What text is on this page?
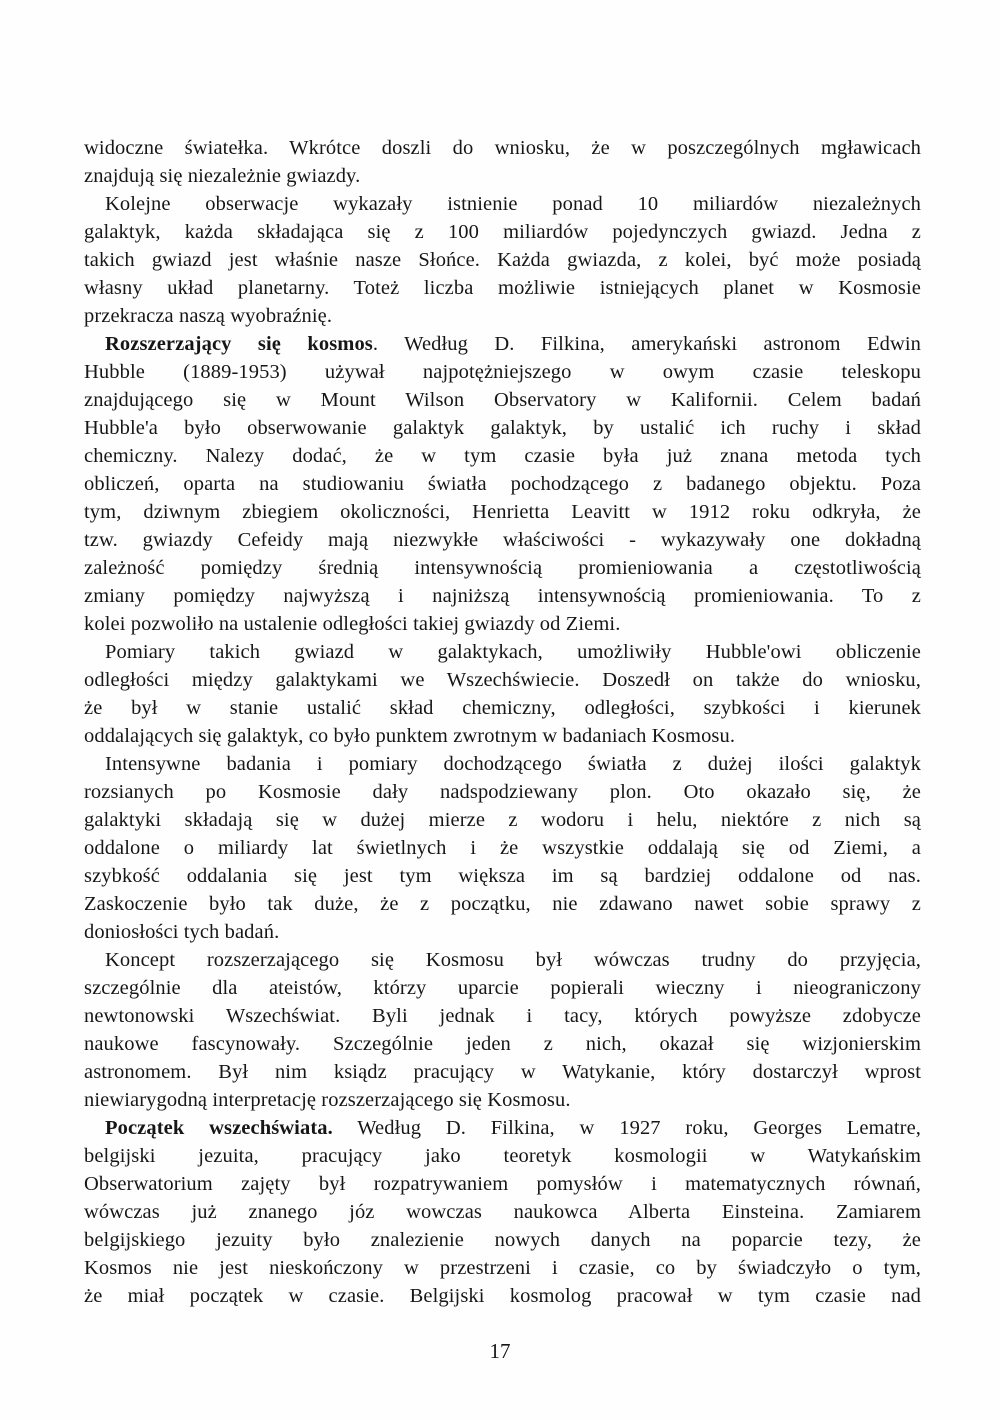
widoczne światełka. Wkrótce doszli do wniosku, że w poszczególnych mgławicach
znajdują się niezależnie gwiazdy.
Kolejne obserwacje wykazały istnienie ponad 10 miliardów niezależnych
galaktyk, każda składająca się z 100 miliardów pojedynczych gwiazd. Jedna z
takich gwiazd jest właśnie nasze Słońce. Każda gwiazda, z kolei, być może posiadą
własny układ planetarny. Toteż liczba możliwie istniejących planet w Kosmosie
przekracza naszą wyobraźnię.
Rozszerzający się kosmos. Według D. Filkina, amerykański astronom Edwin
Hubble (1889-1953) używał najpotężniejszego w owym czasie teleskopu
znajdującego się w Mount Wilson Observatory w Kalifornii. Celem badań
Hubble'a było obserwowanie galaktyk galaktyk, by ustalić ich ruchy i skład
chemiczny. Nalezy dodać, że w tym czasie była już znana metoda tych
obliczeń, oparta na studiowaniu światła pochodzącego z badanego objektu. Poza
tym, dziwnym zbiegiem okoliczności, Henrietta Leavitt w 1912 roku odkryła, że
tzw. gwiazdy Cefeidy mają niezwykłe właściwości - wykazywały one dokładną
zależność pomiędzy średnią intensywnością promieniowania a częstotliwością
zmiany pomiędzy najwyższą i najniższą intensywnością promieniowania. To z
kolei pozwoliło na ustalenie odległości takiej gwiazdy od Ziemi.
Pomiary takich gwiazd w galaktykach, umożliwiły Hubble'owi obliczenie
odległości między galaktykami we Wszechświecie. Doszedł on także do wniosku,
że był w stanie ustalić skład chemiczny, odległości, szybkości i kierunek
oddalających się galaktyk, co było punktem zwrotnym w badaniach Kosmosu.
Intensywne badania i pomiary dochodzącego światła z dużej ilości galaktyk
rozsianych po Kosmosie dały nadspodziewany plon. Oto okazało się, że
galaktyki składają się w dużej mierze z wodoru i helu, niektóre z nich są
oddalone o miliardy lat świetlnych i że wszystkie oddalają się od Ziemi, a
szybkość oddalania się jest tym większa im są bardziej oddalone od nas.
Zaskoczenie było tak duże, że z początku, nie zdawano nawet sobie sprawy z
doniosłości tych badań.
Koncept rozszerzającego się Kosmosu był wówczas trudny do przyjęcia,
szczególnie dla ateistów, którzy uparcie popierali wieczny i nieograniczony
newtonowski Wszechświat. Byli jednak i tacy, których powyższe zdobycze
naukowe fascynowały. Szczególnie jeden z nich, okazał się wizjonierskim
astronomem. Był nim ksiądz pracujący w Watykanie, który dostarczył wprost
niewiarygodną interpretację rozszerzającego się Kosmosu.
Początek wszechświata. Według D. Filkina, w 1927 roku, Georges Lematre,
belgijski jezuita, pracujący jako teoretyk kosmologii w Watykańskim
Obserwatorium zajęty był rozpatrywaniem pomysłów i matematycznych równań,
wówczas już znanego józ wowczas naukowca Alberta Einsteina. Zamiarem
belgijskiego jezuity było znalezienie nowych danych na poparcie tezy, że
Kosmos nie jest nieskończony w przestrzeni i czasie, co by świadczyło o tym,
że miał początek w czasie. Belgijski kosmolog pracował w tym czasie nad
17
